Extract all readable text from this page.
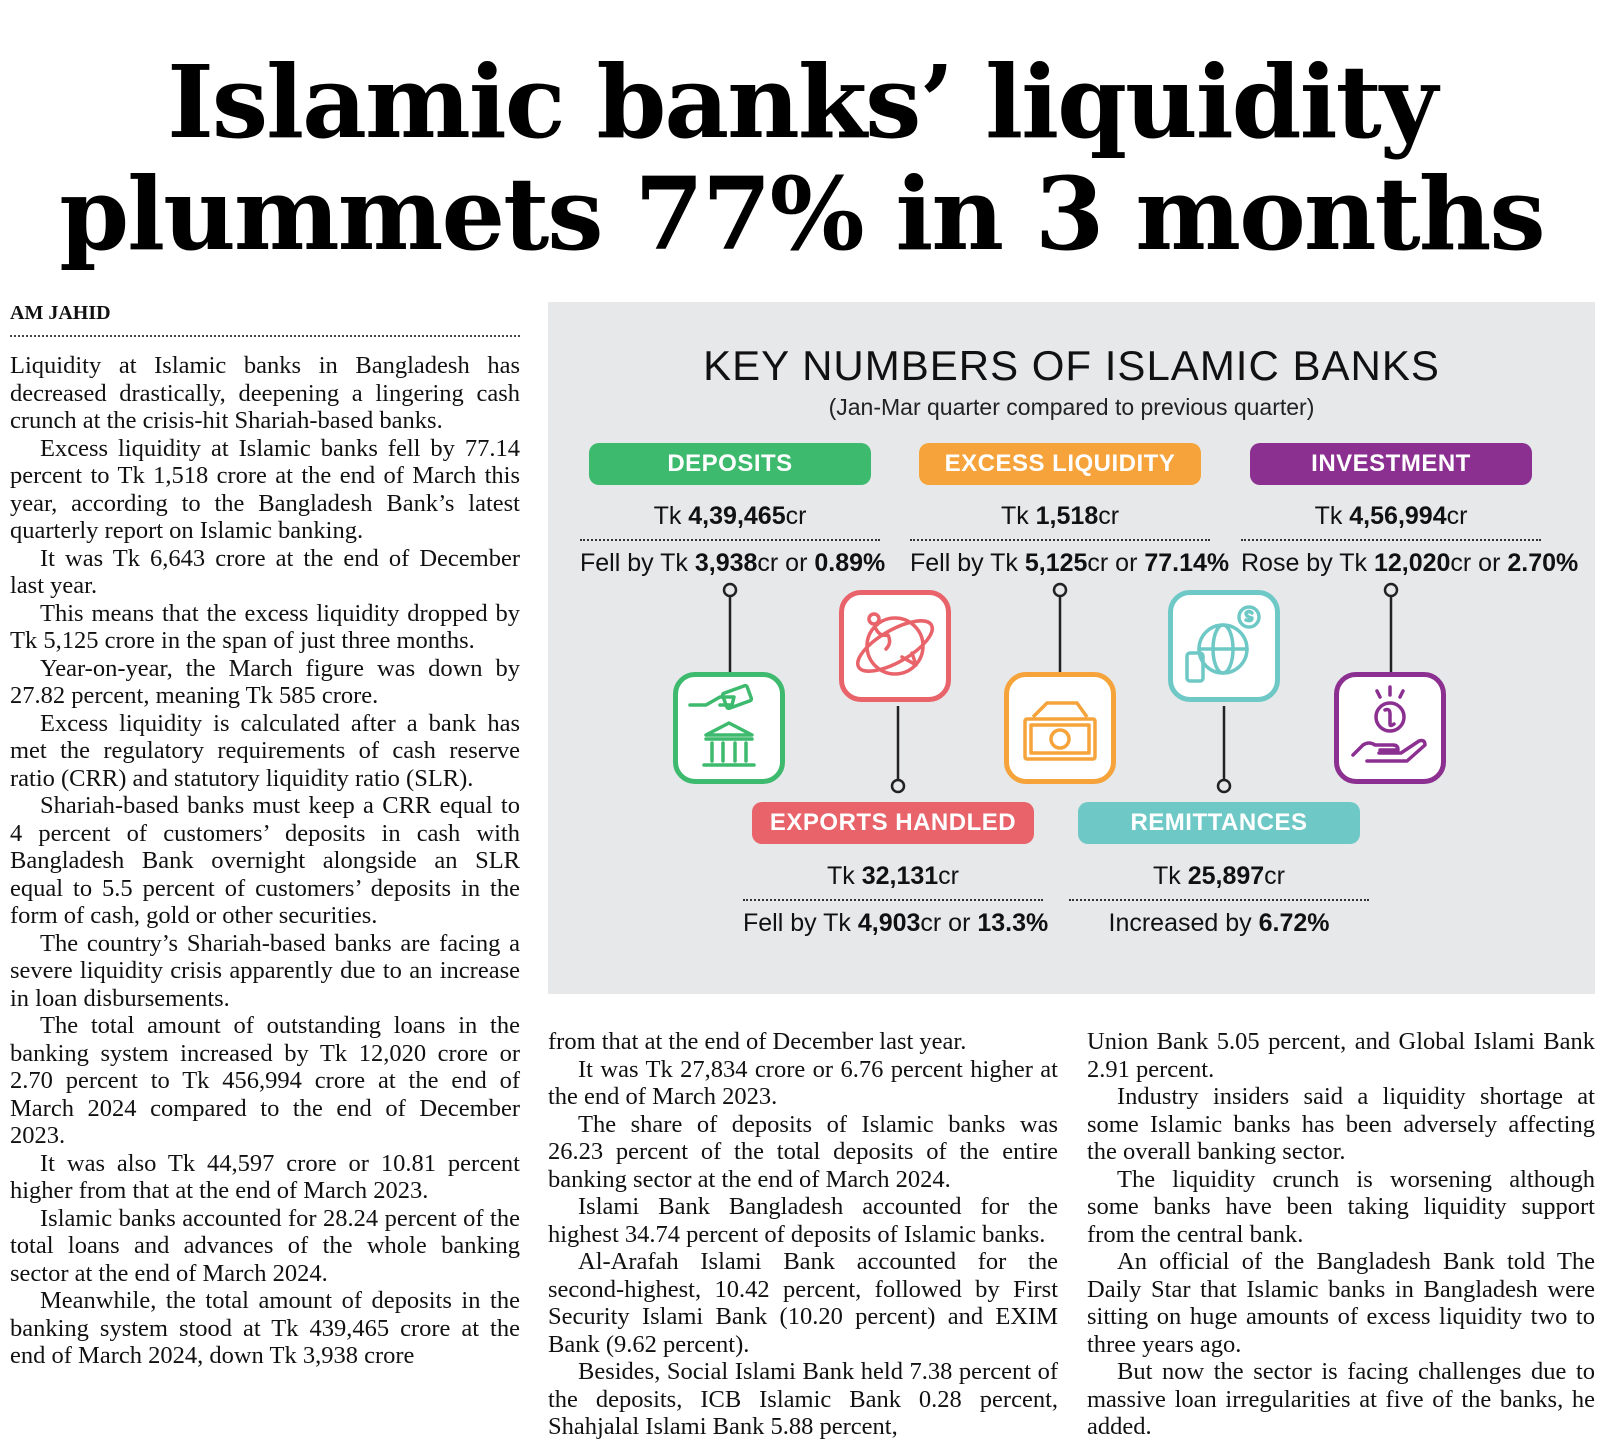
Islamic banks’ liquidity
plummets 77% in 3 months
AM JAHID

Liquidity at Islamic banks in Bangladesh has decreased drastically, deepening a lingering cash crunch at the crisis-hit Shariah-based banks.

Excess liquidity at Islamic banks fell by 77.14 percent to Tk 1,518 crore at the end of March this year, according to the Bangladesh Bank’s latest quarterly report on Islamic banking.

It was Tk 6,643 crore at the end of December last year.

This means that the excess liquidity dropped by Tk 5,125 crore in the span of just three months.

Year-on-year, the March figure was down by 27.82 percent, meaning Tk 585 crore.

Excess liquidity is calculated after a bank has met the regulatory requirements of cash reserve ratio (CRR) and statutory liquidity ratio (SLR).

Shariah-based banks must keep a CRR equal to 4 percent of customers’ deposits in cash with Bangladesh Bank overnight alongside an SLR equal to 5.5 percent of customers’ deposits in the form of cash, gold or other securities.

The country’s Shariah-based banks are facing a severe liquidity crisis apparently due to an increase in loan disbursements.

The total amount of outstanding loans in the banking system increased by Tk 12,020 crore or 2.70 percent to Tk 456,994 crore at the end of March 2024 compared to the end of December 2023.

It was also Tk 44,597 crore or 10.81 percent higher from that at the end of March 2023.

Islamic banks accounted for 28.24 percent of the total loans and advances of the whole banking sector at the end of March 2024.

Meanwhile, the total amount of deposits in the banking system stood at Tk 439,465 crore at the end of March 2024, down Tk 3,938 crore

KEY NUMBERS OF ISLAMIC BANKS
(Jan-Mar quarter compared to previous quarter)
DEPOSITS
Tk 4,39,465cr
Fell by Tk 3,938cr or 0.89%
EXCESS LIQUIDITY
Tk 1,518cr
Fell by Tk 5,125cr or 77.14%
INVESTMENT
Tk 4,56,994cr
Rose by Tk 12,020cr or 2.70%
EXPORTS HANDLED
Tk 32,131cr
Fell by Tk 4,903cr or 13.3%
REMITTANCES
Tk 25,897cr
Increased by 6.72%

from that at the end of December last year.

It was Tk 27,834 crore or 6.76 percent higher at the end of March 2023.

The share of deposits of Islamic banks was 26.23 percent of the total deposits of the entire banking sector at the end of March 2024.

Islami Bank Bangladesh accounted for the highest 34.74 percent of deposits of Islamic banks.

Al-Arafah Islami Bank accounted for the second-highest, 10.42 percent, followed by First Security Islami Bank (10.20 percent) and EXIM Bank (9.62 percent).

Besides, Social Islami Bank held 7.38 percent of the deposits, ICB Islamic Bank 0.28 percent, Shahjalal Islami Bank 5.88 percent,

Union Bank 5.05 percent, and Global Islami Bank 2.91 percent.

Industry insiders said a liquidity shortage at some Islamic banks has been adversely affecting the overall banking sector.

The liquidity crunch is worsening although some banks have been taking liquidity support from the central bank.

An official of the Bangladesh Bank told The Daily Star that Islamic banks in Bangladesh were sitting on huge amounts of excess liquidity two to three years ago.

But now the sector is facing challenges due to massive loan irregularities at five of the banks, he added.
